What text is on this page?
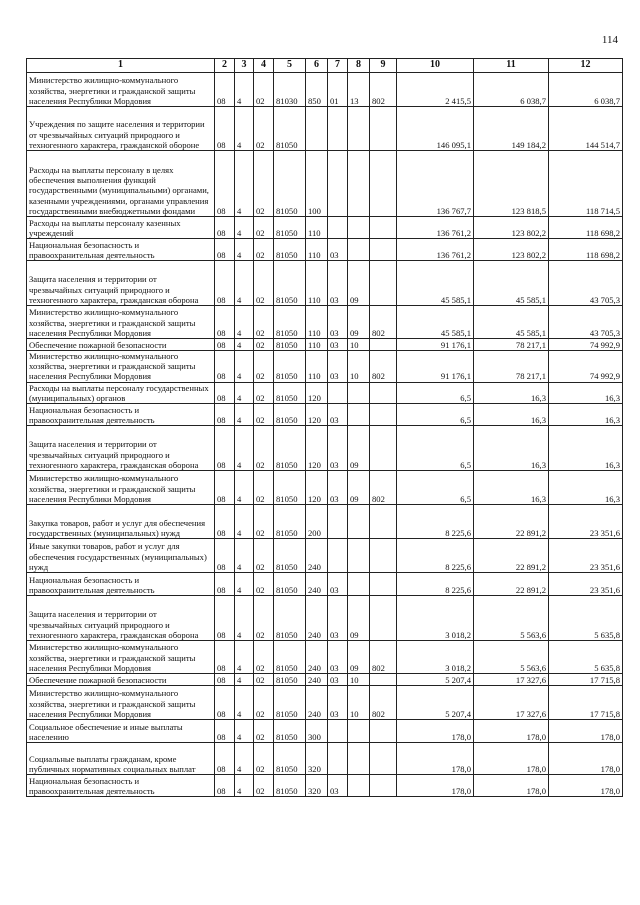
114
1	2	3	4	5	6	7	8	9	10	11	12
Министерство жилищно-коммунального хозяйства, энергетики и гражданской защиты населения Республики Мордовия	08	4	02	81030	850	01	13	802	2 415,5	6 038,7	6 038,7
Учреждения по защите населения и территории от чрезвычайных ситуаций природного и техногенного характера, гражданской обороне	08	4	02	81050					146 095,1	149 184,2	144 514,7
Расходы на выплаты персоналу в целях обеспечения выполнения функций государственными (муниципальными) органами, казенными учреждениями, органами управления государственными внебюджетными фондами	08	4	02	81050	100				136 767,7	123 818,5	118 714,5
Расходы на выплаты персоналу казенных учреждений	08	4	02	81050	110				136 761,2	123 802,2	118 698,2
Национальная безопасность и правоохранительная деятельность	08	4	02	81050	110	03			136 761,2	123 802,2	118 698,2
Защита населения и территории от чрезвычайных ситуаций природного и техногенного характера, гражданская оборона	08	4	02	81050	110	03	09		45 585,1	45 585,1	43 705,3
Министерство жилищно-коммунального хозяйства, энергетики и гражданской защиты населения Республики Мордовия	08	4	02	81050	110	03	09	802	45 585,1	45 585,1	43 705,3
Обеспечение пожарной безопасности	08	4	02	81050	110	03	10		91 176,1	78 217,1	74 992,9
Министерство жилищно-коммунального хозяйства, энергетики и гражданской защиты населения Республики Мордовия	08	4	02	81050	110	03	10	802	91 176,1	78 217,1	74 992,9
Расходы на выплаты персоналу государственных (муниципальных) органов	08	4	02	81050	120				6,5	16,3	16,3
Национальная безопасность и правоохранительная деятельность	08	4	02	81050	120	03			6,5	16,3	16,3
Защита населения и территории от чрезвычайных ситуаций природного и техногенного характера, гражданская оборона	08	4	02	81050	120	03	09		6,5	16,3	16,3
Министерство жилищно-коммунального хозяйства, энергетики и гражданской защиты населения Республики Мордовия	08	4	02	81050	120	03	09	802	6,5	16,3	16,3
Закупка товаров, работ и услуг для обеспечения государственных (муниципальных) нужд	08	4	02	81050	200				8 225,6	22 891,2	23 351,6
Иные закупки товаров, работ и услуг для обеспечения государственных (муниципальных) нужд	08	4	02	81050	240				8 225,6	22 891,2	23 351,6
Национальная безопасность и правоохранительная деятельность	08	4	02	81050	240	03			8 225,6	22 891,2	23 351,6
Защита населения и территории от чрезвычайных ситуаций природного и техногенного характера, гражданская оборона	08	4	02	81050	240	03	09		3 018,2	5 563,6	5 635,8
Министерство жилищно-коммунального хозяйства, энергетики и гражданской защиты населения Республики Мордовия	08	4	02	81050	240	03	09	802	3 018,2	5 563,6	5 635,8
Обеспечение пожарной безопасности	08	4	02	81050	240	03	10		5 207,4	17 327,6	17 715,8
Министерство жилищно-коммунального хозяйства, энергетики и гражданской защиты населения Республики Мордовия	08	4	02	81050	240	03	10	802	5 207,4	17 327,6	17 715,8
Социальное обеспечение и иные выплаты населению	08	4	02	81050	300				178,0	178,0	178,0
Социальные выплаты гражданам, кроме публичных нормативных социальных выплат	08	4	02	81050	320				178,0	178,0	178,0
Национальная безопасность и правоохранительная деятельность	08	4	02	81050	320	03			178,0	178,0	178,0
